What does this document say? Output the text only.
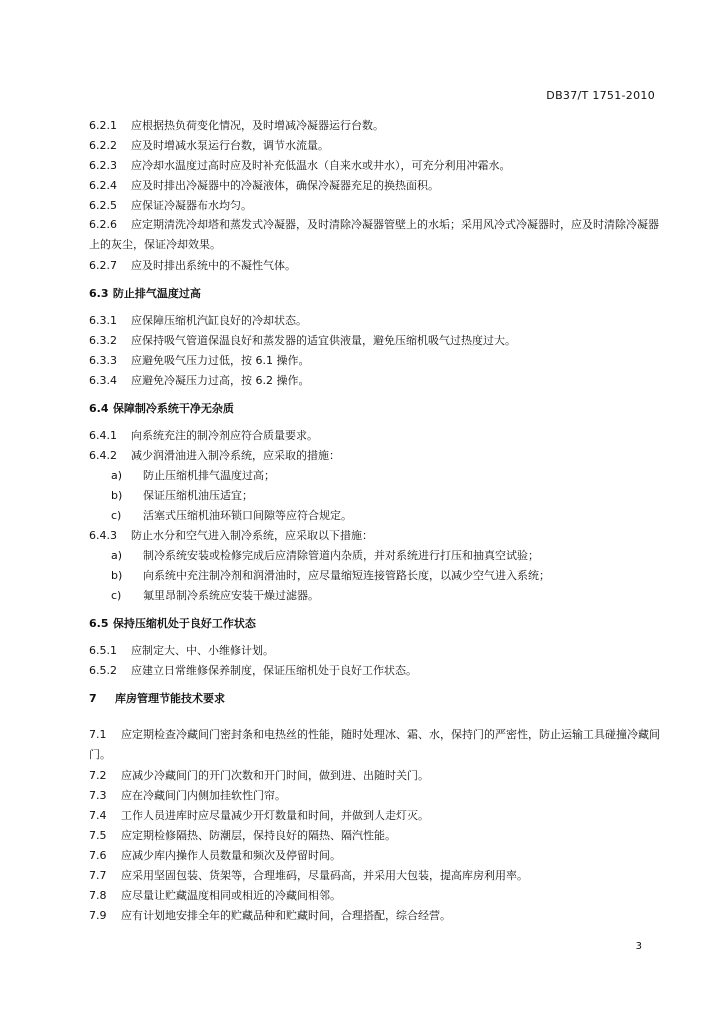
DB37/T 1751-2010
6.2.1 应根据热负荷变化情况，及时增减冷凝器运行台数。
6.2.2 应及时增减水泵运行台数，调节水流量。
6.2.3 应冷却水温度过高时应及时补充低温水（自来水或井水），可充分利用冲霜水。
6.2.4 应及时排出冷凝器中的冷凝液体，确保冷凝器充足的换热面积。
6.2.5 应保证冷凝器布水均匀。
6.2.6 应定期清洗冷却塔和蒸发式冷凝器，及时清除冷凝器管壁上的水垢；采用风冷式冷凝器时，应及时清除冷凝器上的灰尘，保证冷却效果。
6.2.7 应及时排出系统中的不凝性气体。
6.3 防止排气温度过高
6.3.1 应保障压缩机汽缸良好的冷却状态。
6.3.2 应保持吸气管道保温良好和蒸发器的适宜供液量，避免压缩机吸气过热度过大。
6.3.3 应避免吸气压力过低，按 6.1 操作。
6.3.4 应避免冷凝压力过高，按 6.2 操作。
6.4 保障制冷系统干净无杂质
6.4.1 向系统充注的制冷剂应符合质量要求。
6.4.2 减少润滑油进入制冷系统，应采取的措施：
a) 防止压缩机排气温度过高；
b) 保证压缩机油压适宜；
c) 活塞式压缩机油环锁口间隙等应符合规定。
6.4.3 防止水分和空气进入制冷系统，应采取以下措施：
a) 制冷系统安装或检修完成后应清除管道内杂质，并对系统进行打压和抽真空试验；
b) 向系统中充注制冷剂和润滑油时，应尽量缩短连接管路长度，以减少空气进入系统；
c) 氟里昂制冷系统应安装干燥过滤器。
6.5 保持压缩机处于良好工作状态
6.5.1 应制定大、中、小维修计划。
6.5.2 应建立日常维修保养制度，保证压缩机处于良好工作状态。
7 库房管理节能技术要求
7.1 应定期检查冷藏间门密封条和电热丝的性能，随时处理冰、霜、水，保持门的严密性，防止运输工具碰撞冷藏间门。
7.2 应减少冷藏间门的开门次数和开门时间，做到进、出随时关门。
7.3 应在冷藏间门内侧加挂软性门帘。
7.4 工作人员进库时应尽量减少开灯数量和时间，并做到人走灯灭。
7.5 应定期检修隔热、防潮层，保持良好的隔热、隔汽性能。
7.6 应减少库内操作人员数量和频次及停留时间。
7.7 应采用坚固包装、货架等，合理堆码，尽量码高，并采用大包装，提高库房利用率。
7.8 应尽量让贮藏温度相同或相近的冷藏间相邻。
7.9 应有计划地安排全年的贮藏品种和贮藏时间，合理搭配，综合经营。
3
